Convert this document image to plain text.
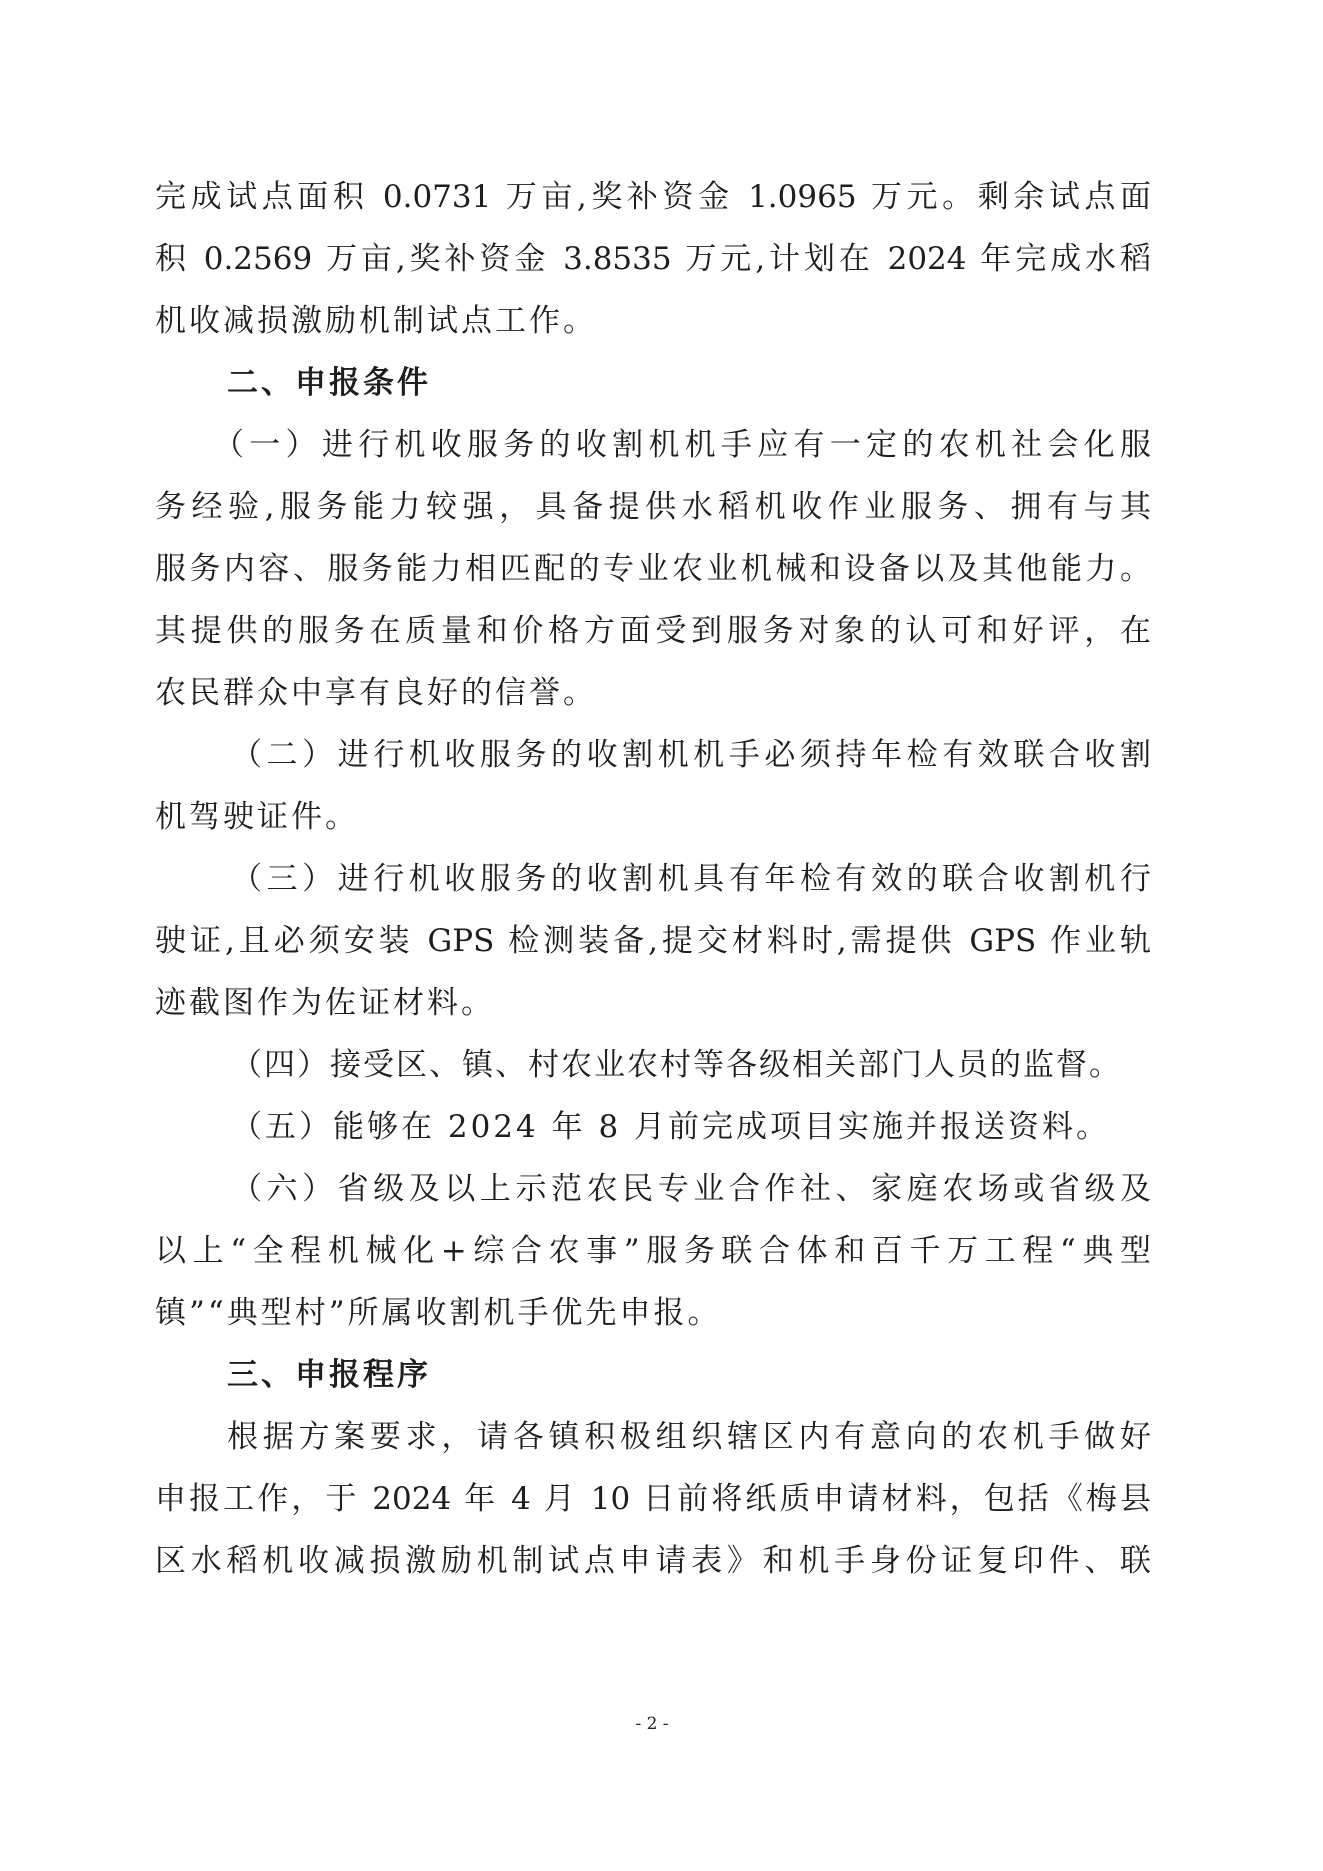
完成试点面积 0.0731 万亩,奖补资金 1.0965 万元。剩余试点面
积 0.2569 万亩,奖补资金 3.8535 万元,计划在 2024 年完成水稻
机收减损激励机制试点工作。
二、申报条件
（一）进行机收服务的收割机机手应有一定的农机社会化服
务经验,服务能力较强，具备提供水稻机收作业服务、拥有与其
服务内容、服务能力相匹配的专业农业机械和设备以及其他能力。
其提供的服务在质量和价格方面受到服务对象的认可和好评，在
农民群众中享有良好的信誉。
（二）进行机收服务的收割机机手必须持年检有效联合收割
机驾驶证件。
（三）进行机收服务的收割机具有年检有效的联合收割机行
驶证,且必须安装 GPS 检测装备,提交材料时,需提供 GPS 作业轨
迹截图作为佐证材料。
（四）接受区、镇、村农业农村等各级相关部门人员的监督。
（五）能够在 2024 年 8 月前完成项目实施并报送资料。
（六）省级及以上示范农民专业合作社、家庭农场或省级及
以上“全程机械化+综合农事”服务联合体和百千万工程“典型
镇”“典型村”所属收割机手优先申报。
三、申报程序
根据方案要求，请各镇积极组织辖区内有意向的农机手做好
申报工作，于 2024 年 4 月 10 日前将纸质申请材料，包括《梅县
区水稻机收减损激励机制试点申请表》和机手身份证复印件、联
- 2 -
